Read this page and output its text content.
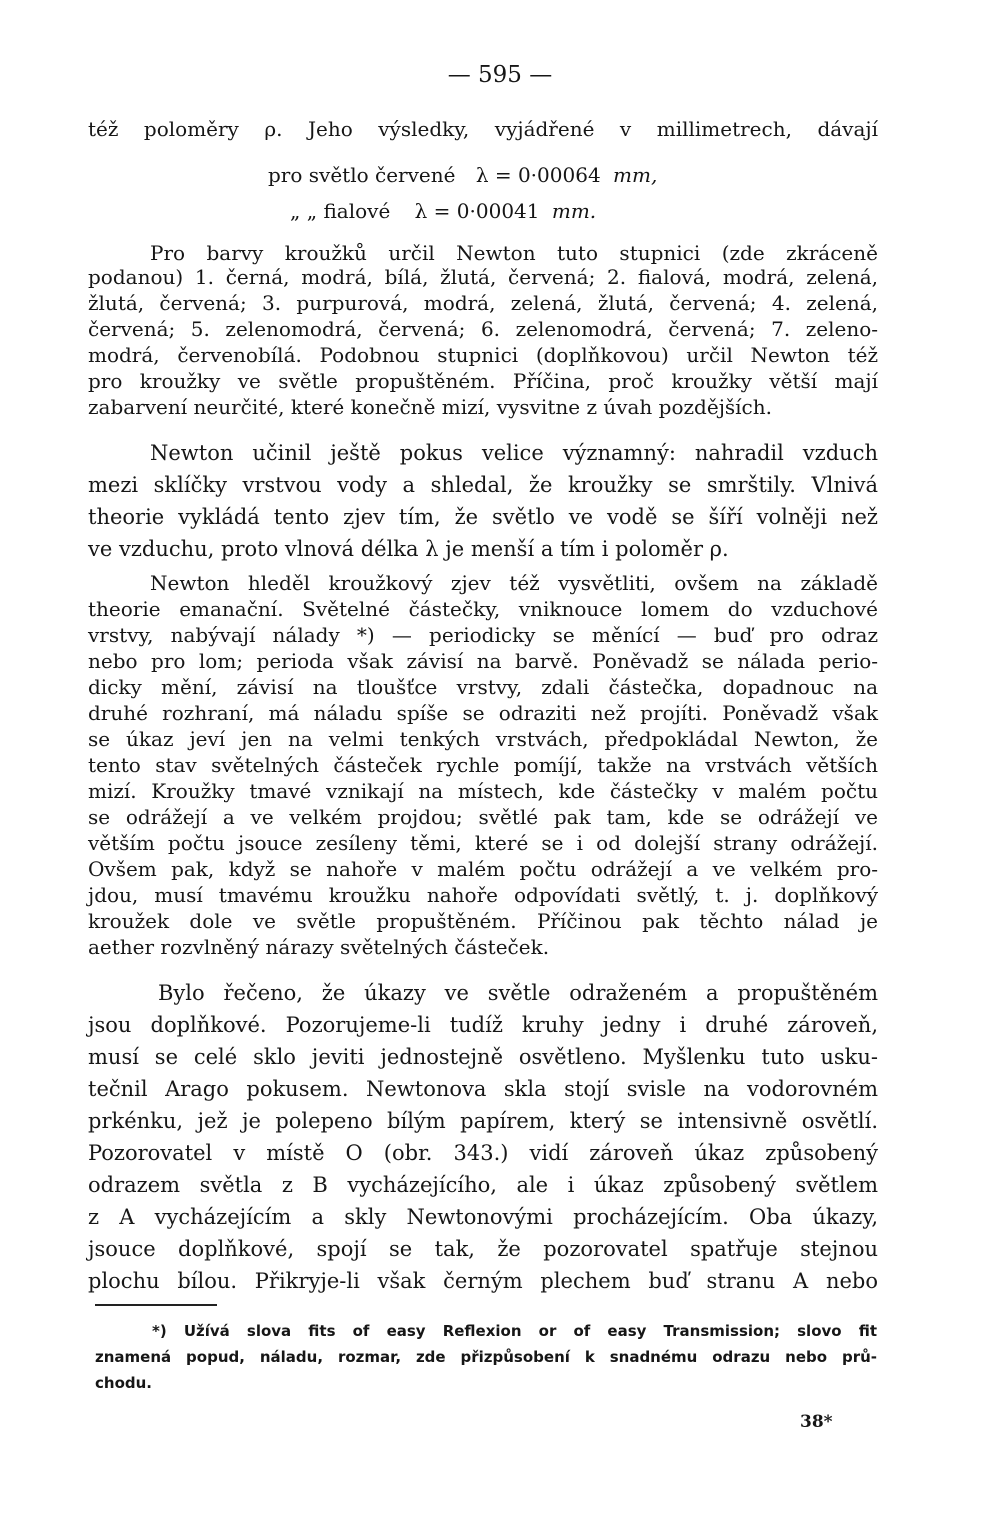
— 595 —
též poloměry ρ. Jeho výsledky, vyjádřené v millimetrech, dávají
pro světlo červené λ = 0·00064 mm,
„ „ fialové λ = 0·00041 mm.
Pro barvy kroužků určil Newton tuto stupnici (zde zkráceně
podanou) 1. černá, modrá, bílá, žlutá, červená; 2. fialová, modrá, zelená,
žlutá, červená; 3. purpurová, modrá, zelená, žlutá, červená; 4. zelená,
červená; 5. zelenomodrá, červená; 6. zelenomodrá, červená; 7. zeleno-
modrá, červenobílá. Podobnou stupnici (doplňkovou) určil Newton též
pro kroužky ve světle propuštěném. Příčina, proč kroužky větší mají
zabarvení neurčité, které konečně mizí, vysvitne z úvah pozdějších.
Newton učinil ještě pokus velice významný: nahradil vzduch
mezi sklíčky vrstvou vody a shledal, že kroužky se smrštily. Vlnivá
theorie vykládá tento zjev tím, že světlo ve vodě se šíří volněji než
ve vzduchu, proto vlnová délka λ je menší a tím i poloměr ρ.
Newton hleděl kroužkový zjev též vysvětliti, ovšem na základě
theorie emanační. Světelné částečky, vniknouce lomem do vzduchové
vrstvy, nabývají nálady *) — periodicky se měnící — buď pro odraz
nebo pro lom; perioda však závisí na barvě. Poněvadž se nálada perio-
dicky mění, závisí na tloušťce vrstvy, zdali částečka, dopadnouc na
druhé rozhraní, má náladu spíše se odraziti než projíti. Poněvadž však
se úkaz jeví jen na velmi tenkých vrstvách, předpokládal Newton, že
tento stav světelných částeček rychle pomíjí, takže na vrstvách větších
mizí. Kroužky tmavé vznikají na místech, kde částečky v malém počtu
se odrážejí a ve velkém projdou; světlé pak tam, kde se odrážejí ve
větším počtu jsouce zesíleny těmi, které se i od dolejší strany odrážejí.
Ovšem pak, když se nahoře v malém počtu odrážejí a ve velkém pro-
jdou, musí tmavému kroužku nahoře odpovídati světlý, t. j. doplňkový
kroužek dole ve světle propuštěném. Příčinou pak těchto nálad je
aether rozvlněný nárazy světelných částeček.
Bylo řečeno, že úkazy ve světle odraženém a propuštěném
jsou doplňkové. Pozorujeme-li tudíž kruhy jedny i druhé zároveň,
musí se celé sklo jeviti jednostejně osvětleno. Myšlenku tuto usku-
tečnil Arago pokusem. Newtonova skla stojí svisle na vodorovném
prkénku, jež je polepeno bílým papírem, který se intensivně osvětlí.
Pozorovatel v místě O (obr. 343.) vidí zároveň úkaz způsobený
odrazem světla z B vycházejícího, ale i úkaz způsobený světlem
z A vycházejícím a skly Newtonovými procházejícím. Oba úkazy,
jsouce doplňkové, spojí se tak, že pozorovatel spatřuje stejnou
plochu bílou. Přikryje-li však černým plechem buď stranu A nebo
*) Užívá slova fits of easy Reflexion or of easy Transmission; slovo fit
znamená popud, náladu, rozmar, zde přizpůsobení k snadnému odrazu nebo prů-
chodu.
38*
